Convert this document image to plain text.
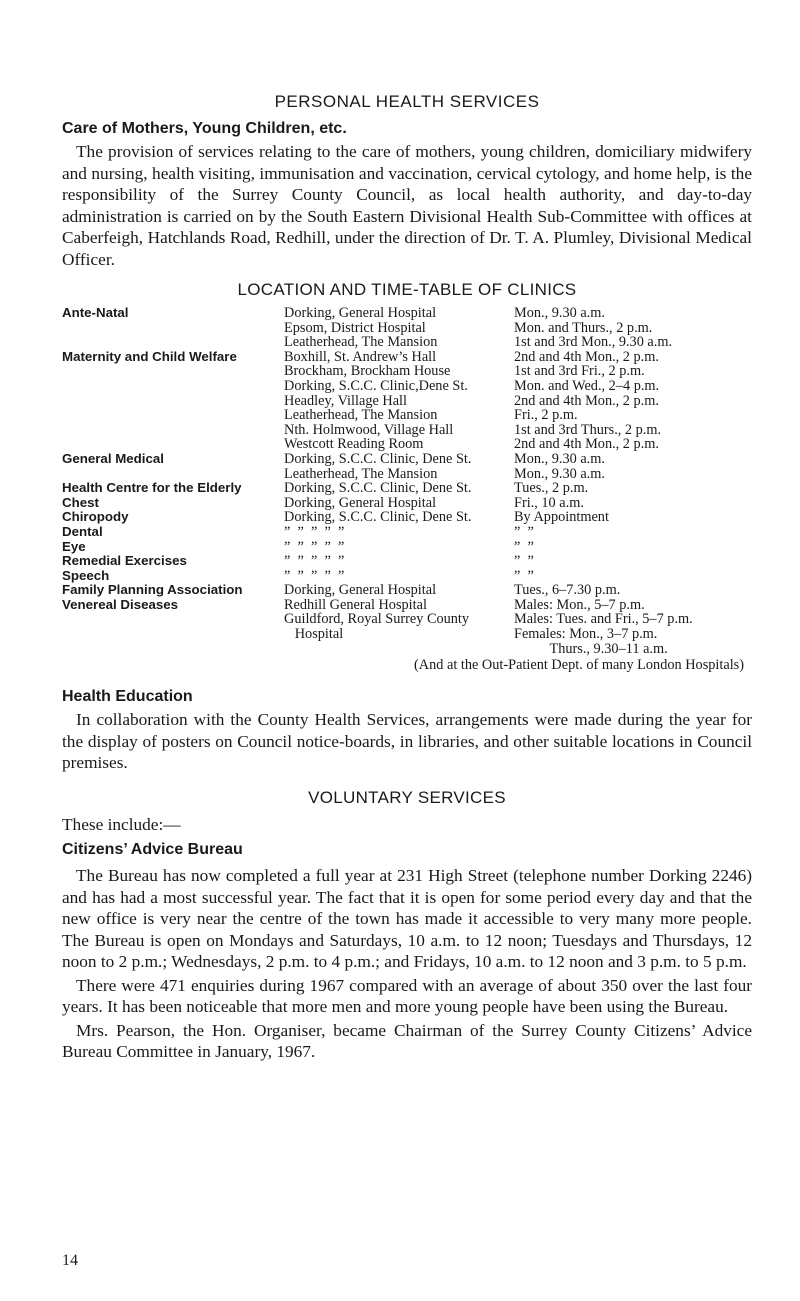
PERSONAL HEALTH SERVICES
Care of Mothers, Young Children, etc.

The provision of services relating to the care of mothers, young children, domiciliary midwifery and nursing, health visiting, immunisation and vaccination, cervical cytology, and home help, is the responsibility of the Surrey County Council, as local health authority, and day-to-day administration is carried on by the South Eastern Divisional Health Sub-Committee with offices at Caberfeigh, Hatchlands Road, Redhill, under the direction of Dr. T. A. Plumley, Divisional Medical Officer.

LOCATION AND TIME-TABLE OF CLINICS
Ante-Natal	Dorking, General Hospital	Mon., 9.30 a.m.
	Epsom, District Hospital	Mon. and Thurs., 2 p.m.
	Leatherhead, The Mansion	1st and 3rd Mon., 9.30 a.m.
Maternity and Child Welfare	Boxhill, St. Andrew’s Hall	2nd and 4th Mon., 2 p.m.
	Brockham, Brockham House	1st and 3rd Fri., 2 p.m.
	Dorking, S.C.C. Clinic,Dene St.	Mon. and Wed., 2–4 p.m.
	Headley, Village Hall	2nd and 4th Mon., 2 p.m.
	Leatherhead, The Mansion	Fri., 2 p.m.
	Nth. Holmwood, Village Hall	1st and 3rd Thurs., 2 p.m.
	Westcott Reading Room	2nd and 4th Mon., 2 p.m.
General Medical	Dorking, S.C.C. Clinic, Dene St.	Mon., 9.30 a.m.
	Leatherhead, The Mansion	Mon., 9.30 a.m.
Health Centre for the Elderly	Dorking, S.C.C. Clinic, Dene St.	Tues., 2 p.m.
Chest	Dorking, General Hospital	Fri., 10 a.m.
Chiropody	Dorking, S.C.C. Clinic, Dene St.	By Appointment
Dental	”  ”  ”  ”  ”	”  ”
Eye	”  ”  ”  ”  ”	”  ”
Remedial Exercises	”  ”  ”  ”  ”	”  ”
Speech	”  ”  ”  ”  ”	”  ”
Family Planning Association	Dorking, General Hospital	Tues., 6–7.30 p.m.
Venereal Diseases	Redhill General Hospital	Males: Mon., 5–7 p.m.
	Guildford, Royal Surrey County	Males: Tues. and Fri., 5–7 p.m.
	Hospital	Females: Mon., 3–7 p.m.
		Thurs., 9.30–11 a.m.
(And at the Out-Patient Dept. of many London Hospitals)
Health Education

In collaboration with the County Health Services, arrangements were made during the year for the display of posters on Council notice-boards, in libraries, and other suitable locations in Council premises.

VOLUNTARY SERVICES

These include:—

Citizens’ Advice Bureau

The Bureau has now completed a full year at 231 High Street (telephone number Dorking 2246) and has had a most successful year. The fact that it is open for some period every day and that the new office is very near the centre of the town has made it accessible to very many more people. The Bureau is open on Mondays and Saturdays, 10 a.m. to 12 noon; Tuesdays and Thursdays, 12 noon to 2 p.m.; Wednesdays, 2 p.m. to 4 p.m.; and Fridays, 10 a.m. to 12 noon and 3 p.m. to 5 p.m.

There were 471 enquiries during 1967 compared with an average of about 350 over the last four years. It has been noticeable that more men and more young people have been using the Bureau.

Mrs. Pearson, the Hon. Organiser, became Chairman of the Surrey County Citizens’ Advice Bureau Committee in January, 1967.

14
